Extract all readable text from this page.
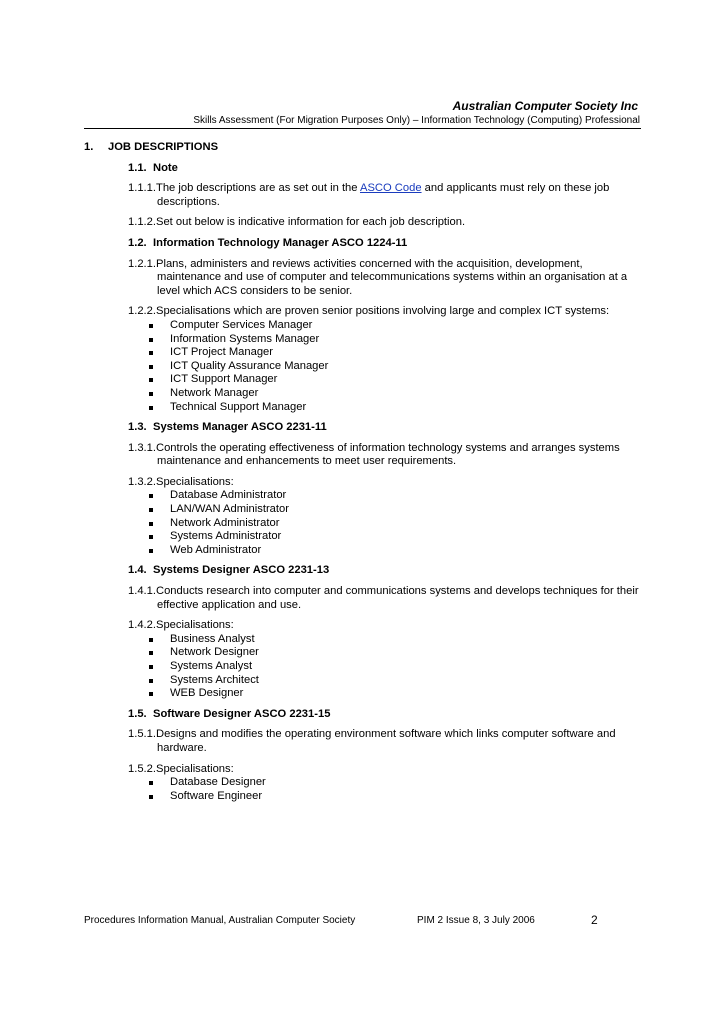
Australian Computer Society Inc
Skills Assessment (For Migration Purposes Only) – Information Technology (Computing) Professional
1.	JOB DESCRIPTIONS
1.1. Note
1.1.1.The job descriptions are as set out in the ASCO Code and applicants must rely on these job descriptions.
1.1.2.Set out below is indicative information for each job description.
1.2. Information Technology Manager ASCO 1224-11
1.2.1.Plans, administers and reviews activities concerned with the acquisition, development, maintenance and use of computer and telecommunications systems within an organisation at a level which ACS considers to be senior.
1.2.2.Specialisations which are proven senior positions involving large and complex ICT systems:
Computer Services Manager
Information Systems Manager
ICT Project Manager
ICT Quality Assurance Manager
ICT Support Manager
Network Manager
Technical Support Manager
1.3. Systems Manager ASCO 2231-11
1.3.1.Controls the operating effectiveness of information technology systems and arranges systems maintenance and enhancements to meet user requirements.
1.3.2.Specialisations:
Database Administrator
LAN/WAN Administrator
Network Administrator
Systems Administrator
Web Administrator
1.4. Systems Designer ASCO 2231-13
1.4.1.Conducts research into computer and communications systems and develops techniques for their effective application and use.
1.4.2.Specialisations:
Business Analyst
Network Designer
Systems Analyst
Systems Architect
WEB Designer
1.5. Software Designer ASCO 2231-15
1.5.1.Designs and modifies the operating environment software which links computer software and hardware.
1.5.2.Specialisations:
Database Designer
Software Engineer
Procedures Information Manual, Australian Computer Society	PIM 2 Issue 8, 3 July 2006	2
